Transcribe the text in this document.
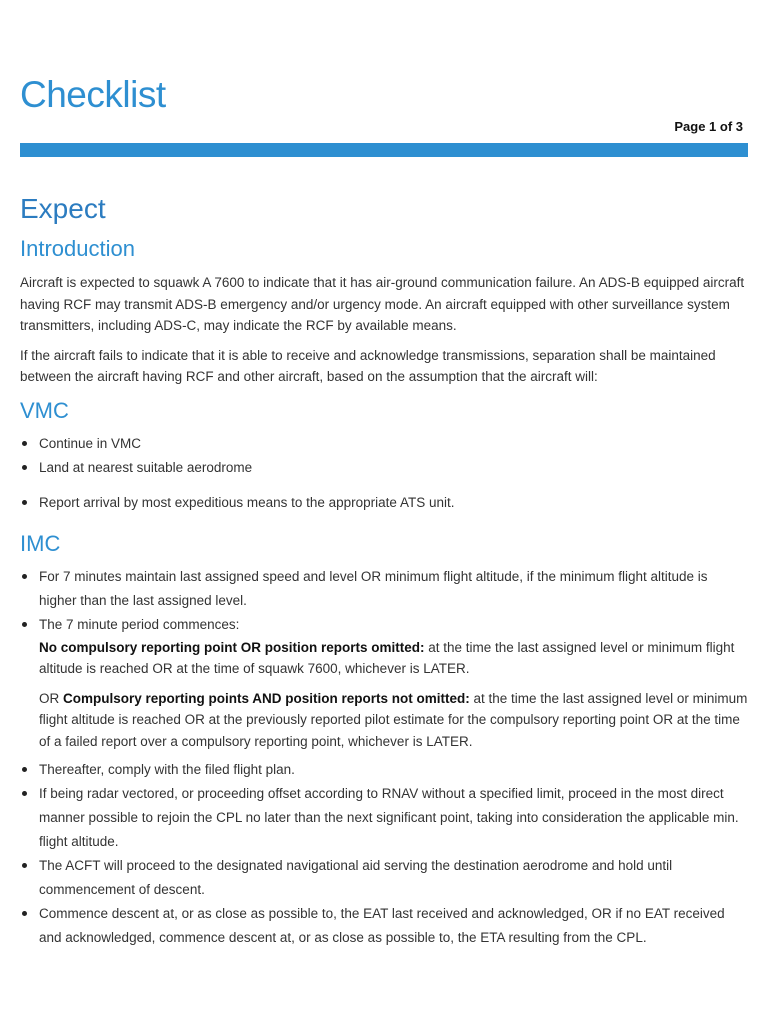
Checklist
Page 1 of 3
Expect
Introduction

Aircraft is expected to squawk A 7600 to indicate that it has air-ground communication failure. An ADS-B equipped aircraft having RCF may transmit ADS-B emergency and/or urgency mode. An aircraft equipped with other surveillance system transmitters, including ADS-C, may indicate the RCF by available means.

If the aircraft fails to indicate that it is able to receive and acknowledge transmissions, separation shall be maintained between the aircraft having RCF and other aircraft, based on the assumption that the aircraft will:

VMC
Continue in VMC
Land at nearest suitable aerodrome
Report arrival by most expeditious means to the appropriate ATS unit.
IMC
For 7 minutes maintain last assigned speed and level OR minimum flight altitude, if the minimum flight altitude is higher than the last assigned level.
The 7 minute period commences:
No compulsory reporting point OR position reports omitted: at the time the last assigned level or minimum flight altitude is reached OR at the time of squawk 7600, whichever is LATER.
OR Compulsory reporting points AND position reports not omitted: at the time the last assigned level or minimum flight altitude is reached OR at the previously reported pilot estimate for the compulsory reporting point OR at the time of a failed report over a compulsory reporting point, whichever is LATER.
Thereafter, comply with the filed flight plan.
If being radar vectored, or proceeding offset according to RNAV without a specified limit, proceed in the most direct manner possible to rejoin the CPL no later than the next significant point, taking into consideration the applicable min. flight altitude.
The ACFT will proceed to the designated navigational aid serving the destination aerodrome and hold until commencement of descent.
Commence descent at, or as close as possible to, the EAT last received and acknowledged, OR if no EAT received and acknowledged, commence descent at, or as close as possible to, the ETA resulting from the CPL.
